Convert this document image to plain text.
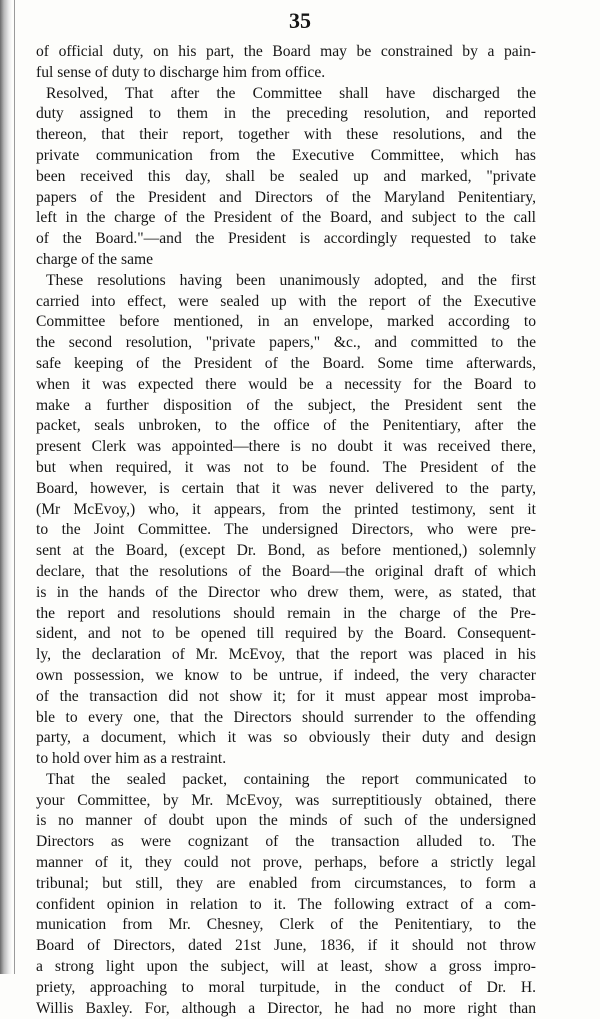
35
of official duty, on his part, the Board may be constrained by a pain-
ful sense of duty to discharge him from office.
Resolved, That after the Committee shall have discharged the
duty assigned to them in the preceding resolution, and reported
thereon, that their report, together with these resolutions, and the
private communication from the Executive Committee, which has
been received this day, shall be sealed up and marked, "private
papers of the President and Directors of the Maryland Penitentiary,
left in the charge of the President of the Board, and subject to the call
of the Board."—and the President is accordingly requested to take
charge of the same
These resolutions having been unanimously adopted, and the first
carried into effect, were sealed up with the report of the Executive
Committee before mentioned, in an envelope, marked according to
the second resolution, "private papers," &c., and committed to the
safe keeping of the President of the Board. Some time afterwards,
when it was expected there would be a necessity for the Board to
make a further disposition of the subject, the President sent the
packet, seals unbroken, to the office of the Penitentiary, after the
present Clerk was appointed—there is no doubt it was received there,
but when required, it was not to be found. The President of the
Board, however, is certain that it was never delivered to the party,
(Mr McEvoy,) who, it appears, from the printed testimony, sent it
to the Joint Committee. The undersigned Directors, who were pre-
sent at the Board, (except Dr. Bond, as before mentioned,) solemnly
declare, that the resolutions of the Board—the original draft of which
is in the hands of the Director who drew them, were, as stated, that
the report and resolutions should remain in the charge of the Pre-
sident, and not to be opened till required by the Board. Consequent-
ly, the declaration of Mr. McEvoy, that the report was placed in his
own possession, we know to be untrue, if indeed, the very character
of the transaction did not show it; for it must appear most improba-
ble to every one, that the Directors should surrender to the offending
party, a document, which it was so obviously their duty and design
to hold over him as a restraint.
That the sealed packet, containing the report communicated to
your Committee, by Mr. McEvoy, was surreptitiously obtained, there
is no manner of doubt upon the minds of such of the undersigned
Directors as were cognizant of the transaction alluded to. The
manner of it, they could not prove, perhaps, before a strictly legal
tribunal; but still, they are enabled from circumstances, to form a
confident opinion in relation to it. The following extract of a com-
munication from Mr. Chesney, Clerk of the Penitentiary, to the
Board of Directors, dated 21st June, 1836, if it should not throw
a strong light upon the subject, will at least, show a gross impro-
priety, approaching to moral turpitude, in the conduct of Dr. H.
Willis Baxley. For, although a Director, he had no more right than
